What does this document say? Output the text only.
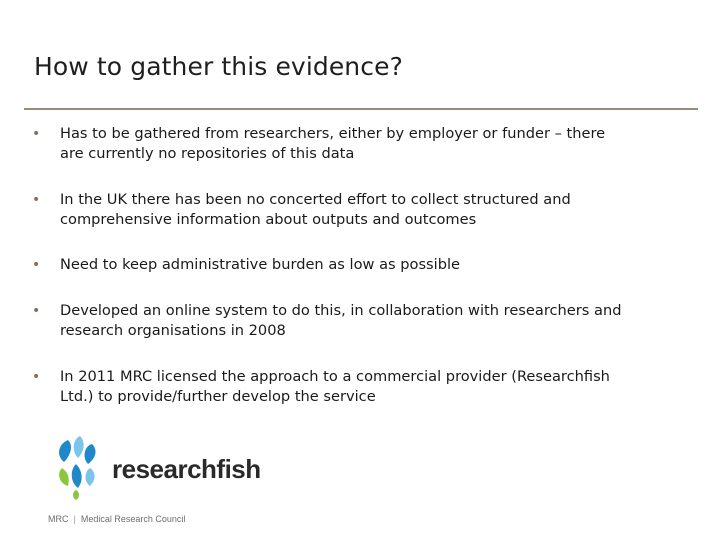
How to gather this evidence?
• Has to be gathered from researchers, either by employer or funder – there
are currently no repositories of this data
• In the UK there has been no concerted effort to collect structured and
comprehensive information about outputs and outcomes
• Need to keep administrative burden as low as possible
• Developed an online system to do this, in collaboration with researchers and
research organisations in 2008
• In 2011 MRC licensed the approach to a commercial provider (Researchfish
Ltd.) to provide/further develop the service
researchfish
MRC | Medical Research Council
